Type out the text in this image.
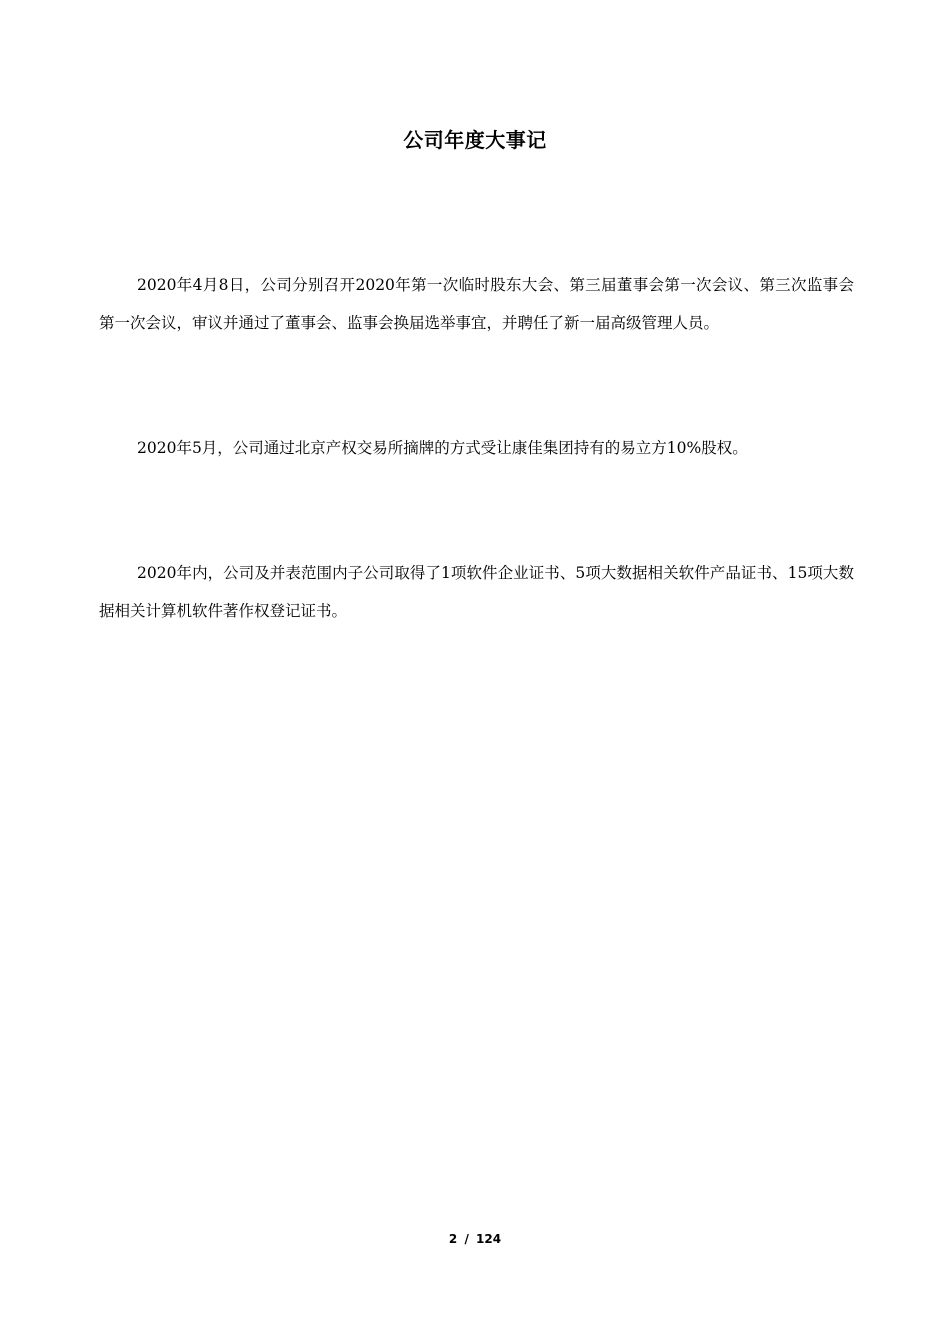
公司年度大事记

2020年4月8日，公司分别召开2020年第一次临时股东大会、第三届董事会第一次会议、第三次监事会第一次会议，审议并通过了董事会、监事会换届选举事宜，并聘任了新一届高级管理人员。

2020年5月，公司通过北京产权交易所摘牌的方式受让康佳集团持有的易立方10%股权。

2020年内，公司及并表范围内子公司取得了1项软件企业证书、5项大数据相关软件产品证书、15项大数据相关计算机软件著作权登记证书。

2 / 124
